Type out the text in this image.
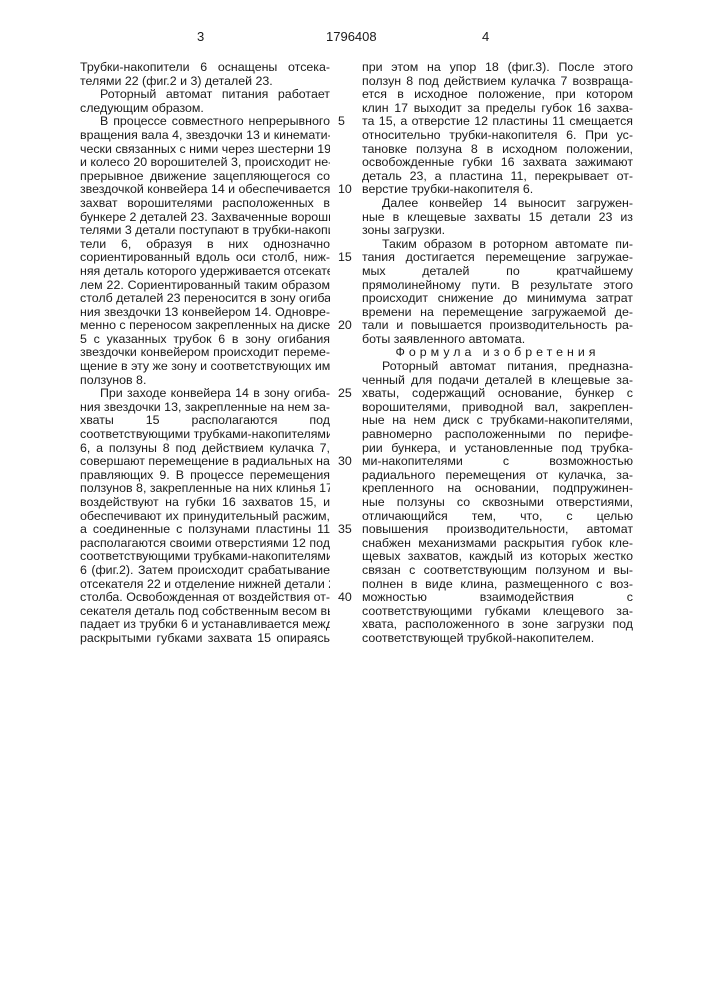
3	1796408	4
Трубки-накопители 6 оснащены отсека-
телями 22 (фиг.2 и 3) деталей 23.
Роторный автомат питания работает
следующим образом.
В процессе совместного непрерывного
вращения вала 4, звездочки 13 и кинемати-
чески связанных с ними через шестерни 19
и колесо 20 ворошителей 3, происходит не-
прерывное движение зацепляющегося со
звездочкой конвейера 14 и обеспечивается
захват ворошителями расположенных в
бункере 2 деталей 23. Захваченные вороши-
телями 3 детали поступают в трубки-накопи-
тели 6, образуя в них однозначно
сориентированный вдоль оси столб, ниж-
няя деталь которого удерживается отсекате-
лем 22. Сориентированный таким образом
столб деталей 23 переносится в зону огиба-
ния звездочки 13 конвейером 14. Одновре-
менно с переносом закрепленных на диске
5 с указанных трубок 6 в зону огибания
звездочки конвейером происходит переме-
щение в эту же зону и соответствующих им
ползунов 8.
При заходе конвейера 14 в зону огиба-
ния звездочки 13, закрепленные на нем за-
хваты 15 располагаются под
соответствующими трубками-накопителями
6, а ползуны 8 под действием кулачка 7,
совершают перемещение в радиальных на-
правляющих 9. В процессе перемещения
ползунов 8, закрепленные на них клинья 17
воздействуют на губки 16 захватов 15, и
обеспечивают их принудительный расжим,
а соединенные с ползунами пластины 11
располагаются своими отверстиями 12 под
соответствующими трубками-накопителями
6 (фиг.2). Затем происходит срабатывание
отсекателя 22 и отделение нижней детали 23
столба. Освобожденная от воздействия от-
секателя деталь под собственным весом вы-
падает из трубки 6 и устанавливается между
раскрытыми губками захвата 15 опираясь
при этом на упор 18 (фиг.3). После этого
ползун 8 под действием кулачка 7 возвраща-
ется в исходное положение, при котором
клин 17 выходит за пределы губок 16 захва-
та 15, а отверстие 12 пластины 11 смещается
относительно трубки-накопителя 6. При ус-
тановке ползуна 8 в исходном положении,
освобожденные губки 16 захвата зажимают
деталь 23, а пластина 11, перекрывает от-
верстие трубки-накопителя 6.
Далее конвейер 14 выносит загружен-
ные в клещевые захваты 15 детали 23 из
зоны загрузки.
Таким образом в роторном автомате пи-
тания достигается перемещение загружае-
мых деталей по кратчайшему
прямолинейному пути. В результате этого
происходит снижение до минимума затрат
времени на перемещение загружаемой де-
тали и повышается производительность ра-
боты заявленного автомата.
Формула изобретения
Роторный автомат питания, предназна-
ченный для подачи деталей в клещевые за-
хваты, содержащий основание, бункер с
ворошителями, приводной вал, закреплен-
ные на нем диск с трубками-накопителями,
равномерно расположенными по перифе-
рии бункера, и установленные под трубка-
ми-накопителями с возможностью
радиального перемещения от кулачка, за-
крепленного на основании, подпружинен-
ные ползуны со сквозными отверстиями,
отличающийся тем, что, с целью
повышения производительности, автомат
снабжен механизмами раскрытия губок кле-
щевых захватов, каждый из которых жестко
связан с соответствующим ползуном и вы-
полнен в виде клина, размещенного с воз-
можностью взаимодействия с
соответствующими губками клещевого за-
хвата, расположенного в зоне загрузки под
соответствующей трубкой-накопителем.
5
10
15
20
25
30
35
40
